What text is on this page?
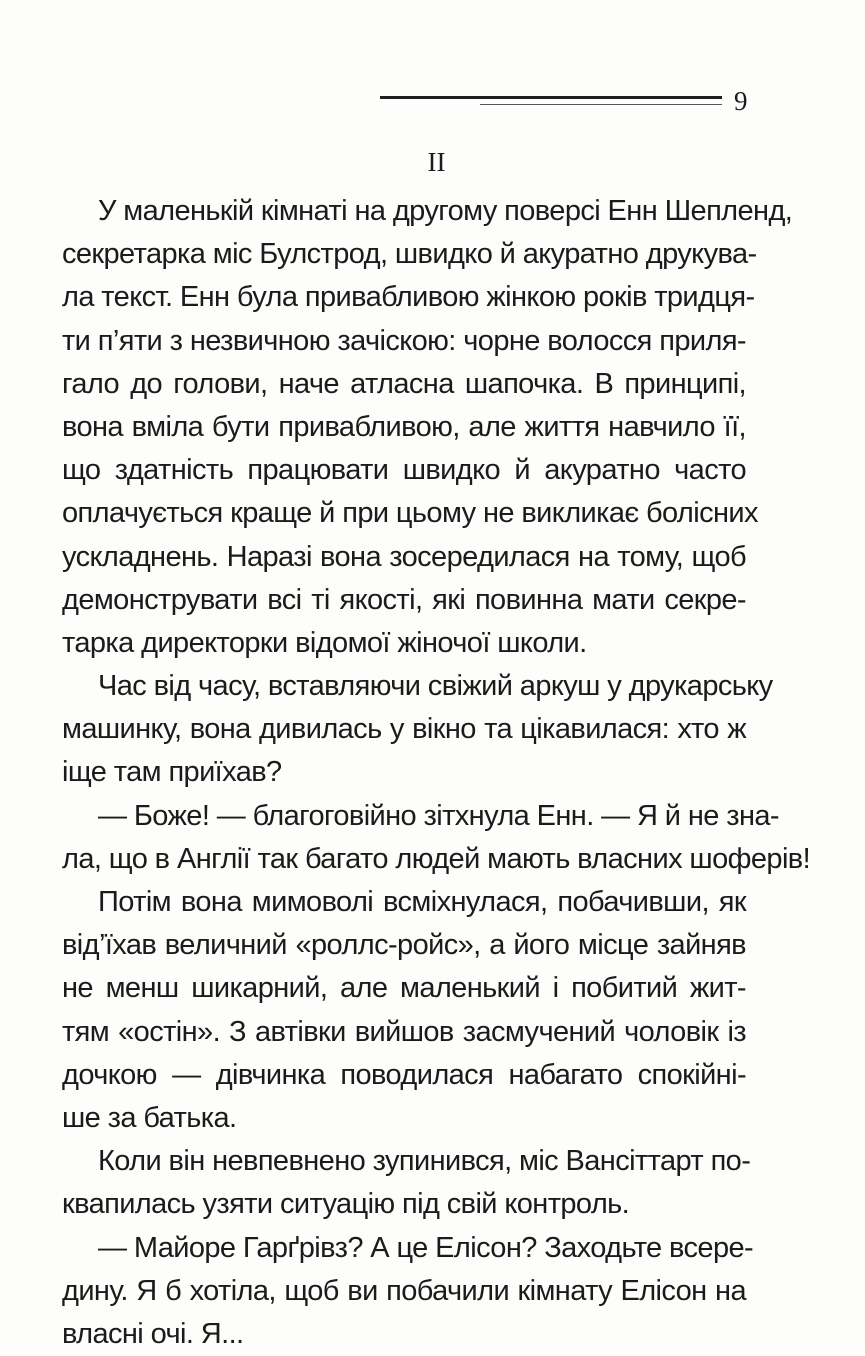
9
II
У маленькій кімнаті на другому поверсі Енн Шепленд,
секретарка міс Булстрод, швидко й акуратно друкува-
ла текст. Енн була привабливою жінкою років тридця-
ти п’яти з незвичною зачіскою: чорне волосся приля-
гало до голови, наче атласна шапочка. В принципі,
вона вміла бути привабливою, але життя навчило її,
що здатність працювати швидко й акуратно часто
оплачується краще й при цьому не викликає болісних
ускладнень. Наразі вона зосередилася на тому, щоб
демонструвати всі ті якості, які повинна мати секре-
тарка директорки відомої жіночої школи.
Час від часу, вставляючи свіжий аркуш у друкарську
машинку, вона дивилась у вікно та цікавилася: хто ж
іще там приїхав?
— Боже! — благоговійно зітхнула Енн. — Я й не зна-
ла, що в Англії так багато людей мають власних шоферів!
Потім вона мимоволі всміхнулася, побачивши, як
від’їхав величний «роллс-ройс», а його місце зайняв
не менш шикарний, але маленький і побитий жит-
тям «остін». З автівки вийшов засмучений чоловік із
дочкою — дівчинка поводилася набагато спокійні-
ше за батька.
Коли він невпевнено зупинився, міс Вансіттарт по-
квапилась узяти ситуацію під свій контроль.
— Майоре Гарґрівз? А це Елісон? Заходьте всере-
дину. Я б хотіла, щоб ви побачили кімнату Елісон на
власні очі. Я...
